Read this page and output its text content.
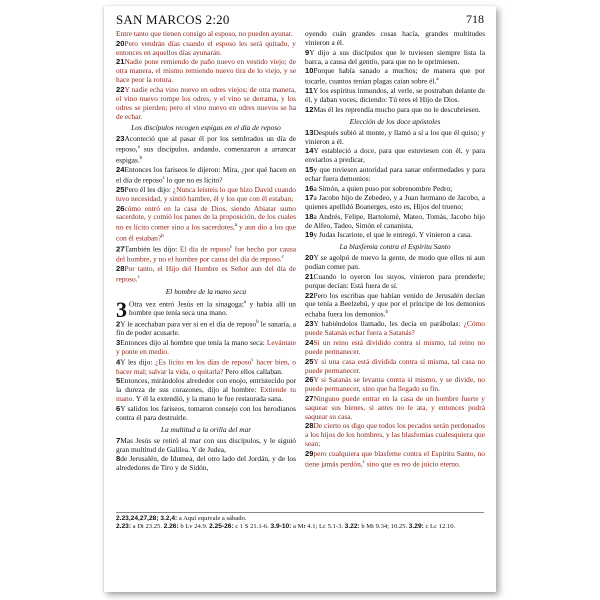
SAN MARCOS 2:20	718

Entre tanto que tienen consigo al esposo, no pueden ayunar.

20Pero vendrán días cuando el esposo les será quitado, y entonces en aquellos días ayunarán.

21Nadie pone remiendo de paño nuevo en vestido viejo; de otra manera, el mismo remiendo nuevo tira de lo viejo, y se hace peor la rotura.

22Y nadie echa vino nuevo en odres viejos; de otra manera, el vino nuevo rompe los odres, y el vino se derrama, y los odres se pierden; pero el vino nuevo en odres nuevos se ha de echar.

Los discípulos recogen espigas en el día de reposo

23Aconteció que al pasar él por los sembrados un día de reposo,$^a$ sus discípulos, andando, comenzaron a arrancar espigas.$^b$

24Entonces los fariseos le dijeron: Mira, ¿por qué hacen en el día de reposo$^c$ lo que no es lícito?

25Pero él les dijo: ¿Nunca leísteis lo que hizo David cuando tuvo necesidad, y sintió hambre, él y los que con él estaban;

26cómo entró en la casa de Dios, siendo Abiatar sumo sacerdote, y comió los panes de la proposición, de los cuales no es lícito comer sino a los sacerdotes,$^a$ y aun dio a los que con él estaban?$^b$

27También les dijo: El día de reposo$^c$ fue hecho por causa del hombre, y no el hombre por causa del día de reposo.$^c$

28Por tanto, el Hijo del Hombre es Señor aun del día de reposo.$^c$

El hombre de la mano seca

3 Otra vez entró Jesús en la sinagoga;$^a$ y había allí un hombre que tenía seca una mano.

2Y le acechaban para ver si en el día de reposo$^b$ le sanaría, a fin de poder acusarle.

3Entonces dijo al hombre que tenía la mano seca: Levántate y ponte en medio.

4Y les dijo: ¿Es lícito en los días de reposo$^c$ hacer bien, o hacer mal; salvar la vida, o quitarla? Pero ellos callaban.

5Entonces, mirándolos alrededor con enojo, entristecido por la dureza de sus corazones, dijo al hombre: Extiende tu mano. Y él la extendió, y la mano le fue restaurada sana.

6Y salidos los fariseos, tomaron consejo con los herodianos contra él para destruirle.

La multitud a la orilla del mar

7Mas Jesús se retiró al mar con sus discípulos, y le siguió gran multitud de Galilea. Y de Judea,

8de Jerusalén, de Idumea, del otro lado del Jordán, y de los alrededores de Tiro y de Sidón,

oyendo cuán grandes cosas hacía, grandes multitudes vinieron a él.

9Y dijo a sus discípulos que le tuviesen siempre lista la barca, a causa del gentío, para que no le oprimiesen.

10Porque había sanado a muchos; de manera que por tocarle, cuantos tenían plagas caían sobre él.$^a$

11Y los espíritus inmundos, al verle, se postraban delante de él, y daban voces, diciendo: Tú eres el Hijo de Dios.

12Mas él les reprendía mucho para que no le descubriesen.

Elección de los doce apóstoles

13Después subió al monte, y llamó a sí a los que él quiso; y vinieron a él.

14Y estableció a doce, para que estuviesen con él, y para enviarlos a predicar,

15y que tuviesen autoridad para sanar enfermedades y para echar fuera demonios:

16a Simón, a quien puso por sobrenombre Pedro;

17a Jacobo hijo de Zebedeo, y a Juan hermano de Jacobo, a quienes apellidó Boanerges, esto es, Hijos del trueno;

18a Andrés, Felipe, Bartolomé, Mateo, Tomás, Jacobo hijo de Alfeo, Tadeo, Simón el cananista,

19y Judas Iscariote, el que le entregó. Y vinieron a casa.

La blasfemia contra el Espíritu Santo

20Y se agolpó de nuevo la gente, de modo que ellos ni aun podían comer pan.

21Cuando lo oyeron los suyos, vinieron para prenderle; porque decían: Está fuera de sí.

22Pero los escribas que habían venido de Jerusalén decían que tenía a Beelzebú, y que por el príncipe de los demonios echaba fuera los demonios.$^b$

23Y habiéndolos llamado, les decía en parábolas: ¿Cómo puede Satanás echar fuera a Satanás?

24Si un reino está dividido contra sí mismo, tal reino no puede permanecer.

25Y si una casa está dividida contra sí misma, tal casa no puede permanecer.

26Y si Satanás se levanta contra sí mismo, y se divide, no puede permanecer, sino que ha llegado su fin.

27Ninguno puede entrar en la casa de un hombre fuerte y saquear sus bienes, si antes no le ata, y entonces podrá saquear su casa.

28De cierto os digo que todos los pecados serán perdonados a los hijos de los hombres, y las blasfemias cualesquiera que sean;

29pero cualquiera que blasfeme contra el Espíritu Santo, no tiene jamás perdón,$^c$ sino que es reo de juicio eterno.

2.23,24,27,28; 3.2,4: a Aquí equivale a sábado.
2.23: a Dt 23.25. 2.26: b Lv 24.9. 2.25-26: c 1 S 21.1-6. 3.9-10: a Mr 4.1; Lc 5.1-3. 3.22: b Mt 9.34; 10.25. 3.29: c Lc 12.10.
